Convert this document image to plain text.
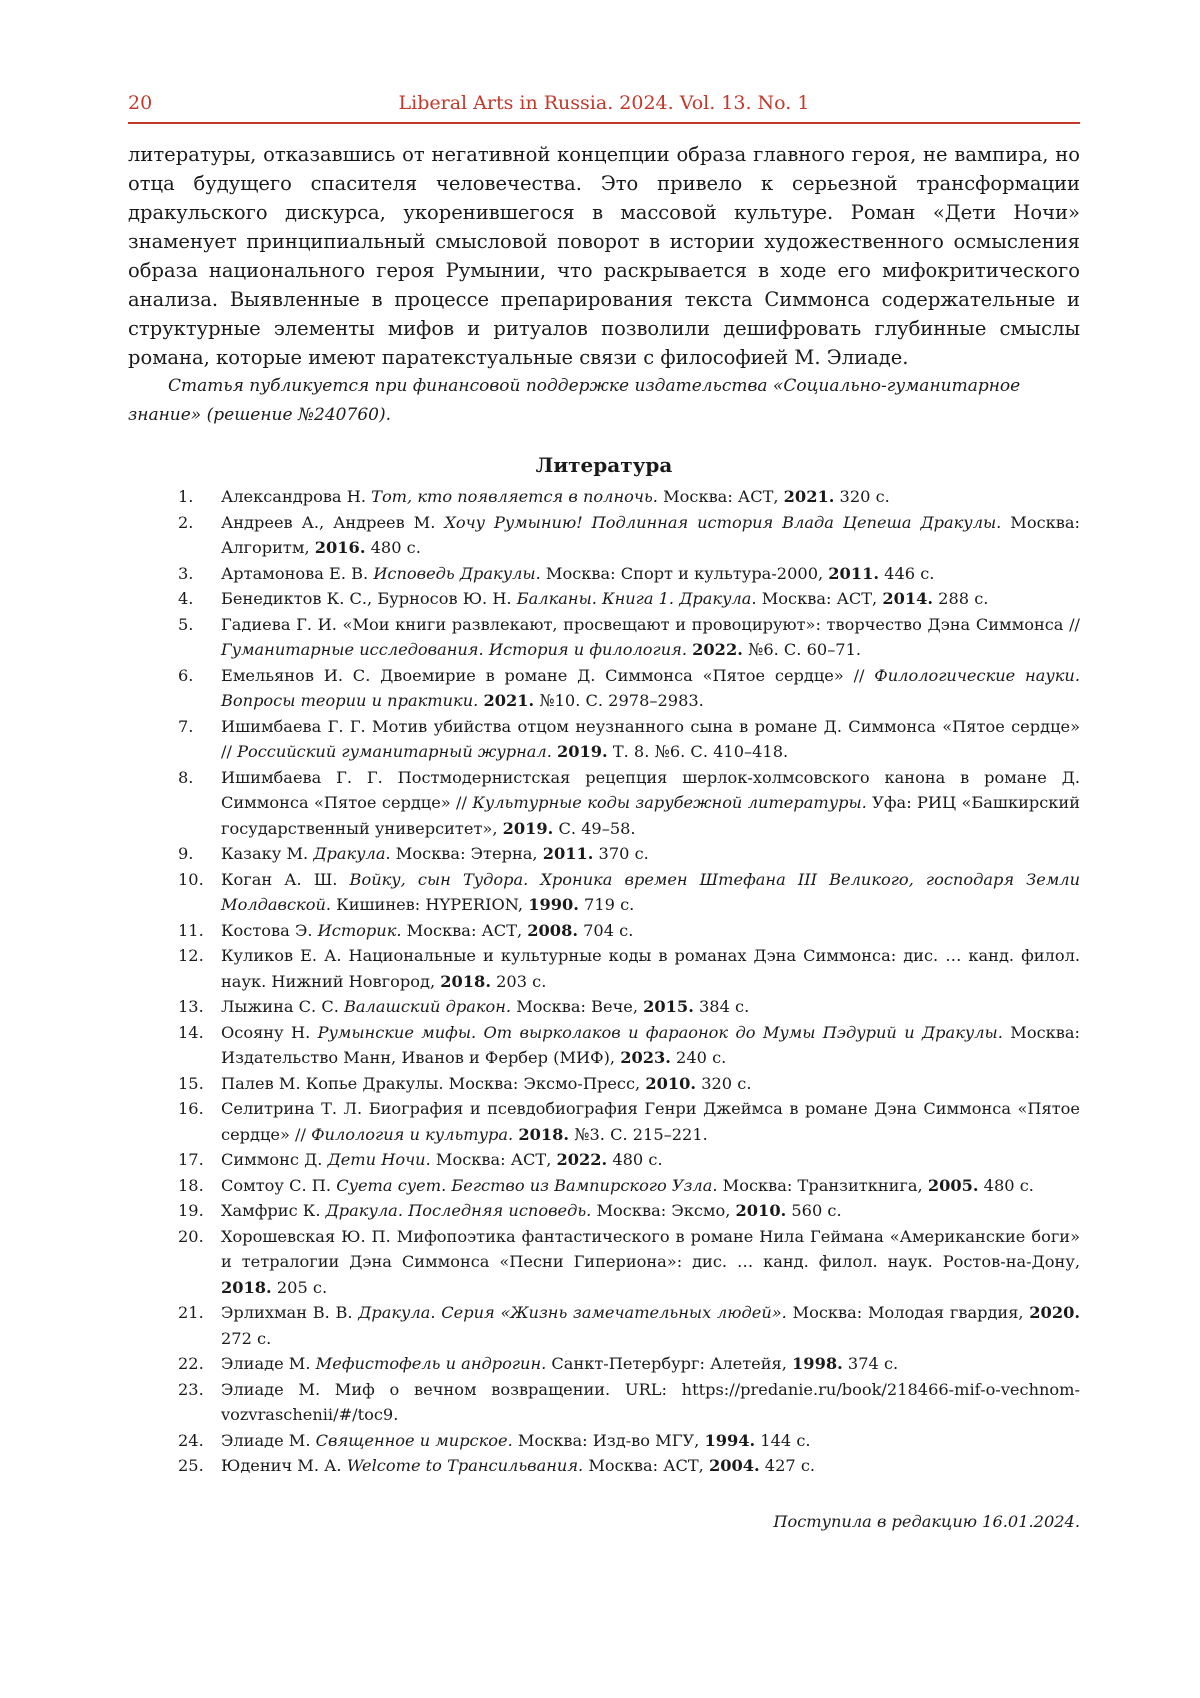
20	Liberal Arts in Russia. 2024. Vol. 13. No. 1

литературы, отказавшись от негативной концепции образа главного героя, не вампира, но отца будущего спасителя человечества. Это привело к серьезной трансформации дракульского дискурса, укоренившегося в массовой культуре. Роман «Дети Ночи» знаменует принципиальный смысловой поворот в истории художественного осмысления образа национального героя Румынии, что раскрывается в ходе его мифокритического анализа. Выявленные в процессе препарирования текста Симмонса содержательные и структурные элементы мифов и ритуалов позволили дешифровать глубинные смыслы романа, которые имеют паратекстуальные связи с философией М. Элиаде.

Статья публикуется при финансовой поддержке издательства «Социально-гуманитарное знание» (решение №240760).

Литература
1.	Александрова Н. Тот, кто появляется в полночь. Москва: АСТ, 2021. 320 с.
2.	Андреев А., Андреев М. Хочу Румынию! Подлинная история Влада Цепеша Дракулы. Москва: Алгоритм, 2016. 480 с.
3.	Артамонова Е. В. Исповедь Дракулы. Москва: Спорт и культура-2000, 2011. 446 с.
4.	Бенедиктов К. С., Бурносов Ю. Н. Балканы. Книга 1. Дракула. Москва: АСТ, 2014. 288 с.
5.	Гадиева Г. И. «Мои книги развлекают, просвещают и провоцируют»: творчество Дэна Симмонса // Гуманитарные исследования. История и филология. 2022. №6. С. 60–71.
6.	Емельянов И. С. Двоемирие в романе Д. Симмонса «Пятое сердце» // Филологические науки. Вопросы теории и практики. 2021. №10. С. 2978–2983.
7.	Ишимбаева Г. Г. Мотив убийства отцом неузнанного сына в романе Д. Симмонса «Пятое сердце» // Российский гуманитарный журнал. 2019. Т. 8. №6. С. 410–418.
8.	Ишимбаева Г. Г. Постмодернистская рецепция шерлок-холмсовского канона в романе Д. Симмонса «Пятое сердце» // Культурные коды зарубежной литературы. Уфа: РИЦ «Башкирский государственный университет», 2019. С. 49–58.
9.	Казаку М. Дракула. Москва: Этерна, 2011. 370 с.
10.	Коган А. Ш. Войку, сын Тудора. Хроника времен Штефана III Великого, господаря Земли Молдавской. Кишинев: HYPERION, 1990. 719 с.
11.	Костова Э. Историк. Москва: АСТ, 2008. 704 с.
12.	Куликов Е. А. Национальные и культурные коды в романах Дэна Симмонса: дис. … канд. филол. наук. Нижний Новгород, 2018. 203 с.
13.	Лыжина С. С. Валашский дракон. Москва: Вече, 2015. 384 с.
14.	Осояну Н. Румынские мифы. От вырколаков и фараонок до Мумы Пэдурий и Дракулы. Москва: Издательство Манн, Иванов и Фербер (МИФ), 2023. 240 с.
15.	Палев М. Копье Дракулы. Москва: Эксмо-Пресс, 2010. 320 с.
16.	Селитрина Т. Л. Биография и псевдобиография Генри Джеймса в романе Дэна Симмонса «Пятое сердце» // Филология и культура. 2018. №3. С. 215–221.
17.	Симмонс Д. Дети Ночи. Москва: АСТ, 2022. 480 с.
18.	Сомтоу С. П. Суета сует. Бегство из Вампирского Узла. Москва: Транзиткнига, 2005. 480 с.
19.	Хамфрис К. Дракула. Последняя исповедь. Москва: Эксмо, 2010. 560 с.
20.	Хорошевская Ю. П. Мифопоэтика фантастического в романе Нила Геймана «Американские боги» и тетралогии Дэна Симмонса «Песни Гипериона»: дис. … канд. филол. наук. Ростов-на-Дону, 2018. 205 с.
21.	Эрлихман В. В. Дракула. Серия «Жизнь замечательных людей». Москва: Молодая гвардия, 2020. 272 с.
22.	Элиаде М. Мефистофель и андрогин. Санкт-Петербург: Алетейя, 1998. 374 с.
23.	Элиаде М. Миф о вечном возвращении. URL: https://predanie.ru/book/218466-mif-o-vechnom-vozvraschenii/#/toc9.
24.	Элиаде М. Священное и мирское. Москва: Изд-во МГУ, 1994. 144 с.
25.	Юденич М. А. Welcome to Трансильвания. Москва: АСТ, 2004. 427 с.
Поступила в редакцию 16.01.2024.
